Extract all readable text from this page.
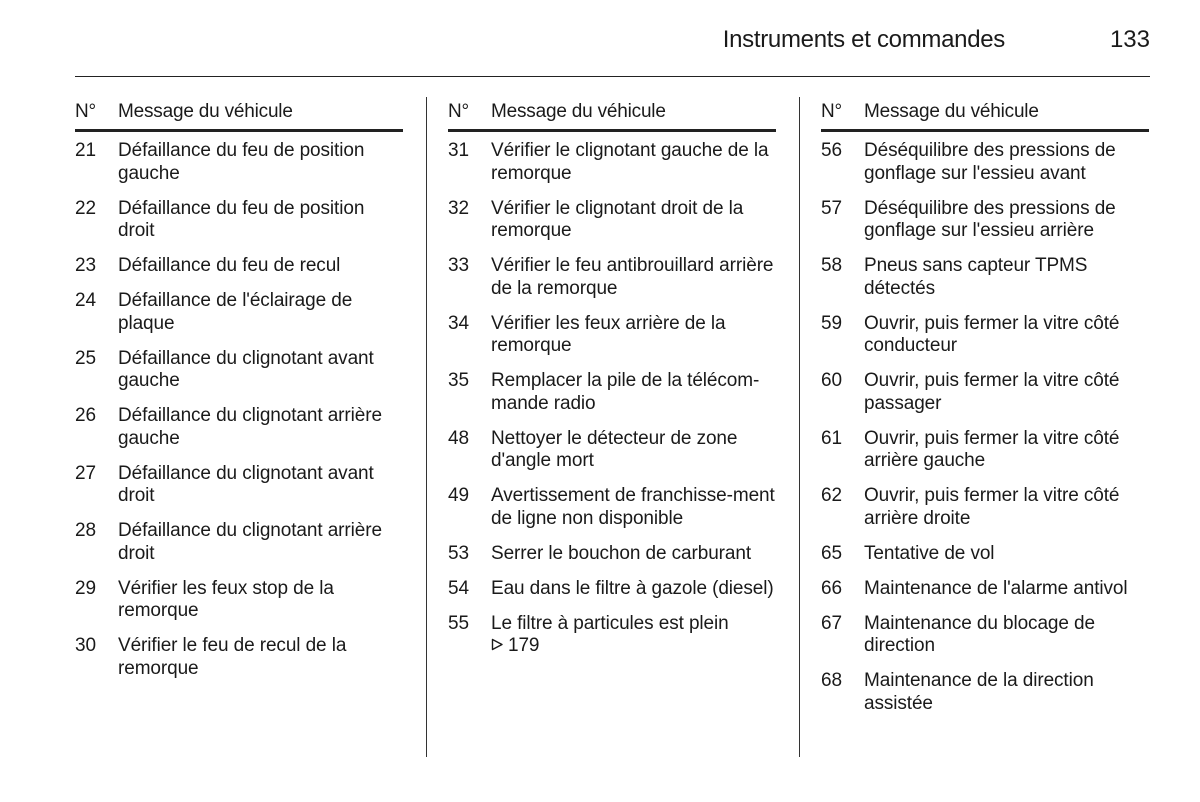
Instruments et commandes	133
N°	Message du véhicule
21	Défaillance du feu de position gauche
22	Défaillance du feu de position droit
23	Défaillance du feu de recul
24	Défaillance de l'éclairage de plaque
25	Défaillance du clignotant avant gauche
26	Défaillance du clignotant arrière gauche
27	Défaillance du clignotant avant droit
28	Défaillance du clignotant arrière droit
29	Vérifier les feux stop de la remorque
30	Vérifier le feu de recul de la remorque
N°	Message du véhicule
31	Vérifier le clignotant gauche de la remorque
32	Vérifier le clignotant droit de la remorque
33	Vérifier le feu antibrouillard arrière de la remorque
34	Vérifier les feux arrière de la remorque
35	Remplacer la pile de la télécom-mande radio
48	Nettoyer le détecteur de zone d'angle mort
49	Avertissement de franchisse-ment de ligne non disponible
53	Serrer le bouchon de carburant
54	Eau dans le filtre à gazole (diesel)
55	Le filtre à particules est plein
179
N°	Message du véhicule
56	Déséquilibre des pressions de gonflage sur l'essieu avant
57	Déséquilibre des pressions de gonflage sur l'essieu arrière
58	Pneus sans capteur TPMS détectés
59	Ouvrir, puis fermer la vitre côté conducteur
60	Ouvrir, puis fermer la vitre côté passager
61	Ouvrir, puis fermer la vitre côté arrière gauche
62	Ouvrir, puis fermer la vitre côté arrière droite
65	Tentative de vol
66	Maintenance de l'alarme antivol
67	Maintenance du blocage de direction
68	Maintenance de la direction assistée
